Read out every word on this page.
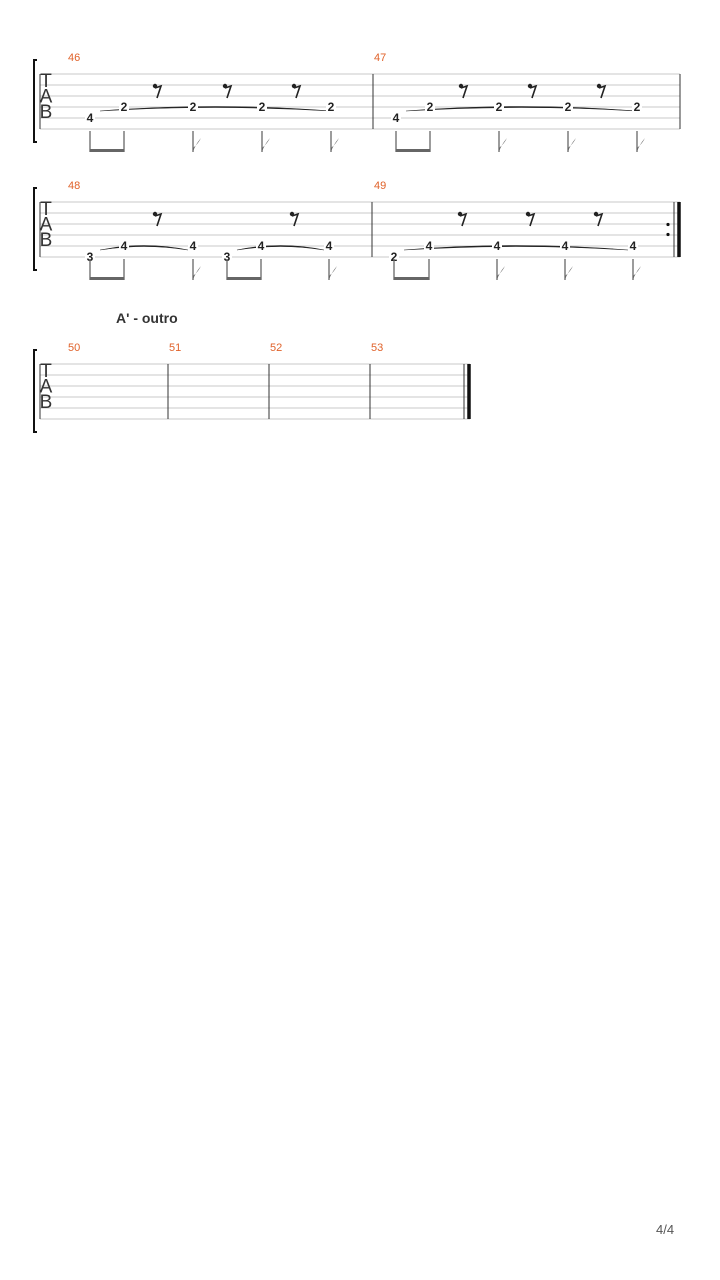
T
A
B
46
4
2	2	2	2
47
4
2	2	2	2
T
A
B
48
3
4	4
3
4	4
49
2
4	4	4	4
T
A
B
50	51	52	53
A' - outro
4/4
